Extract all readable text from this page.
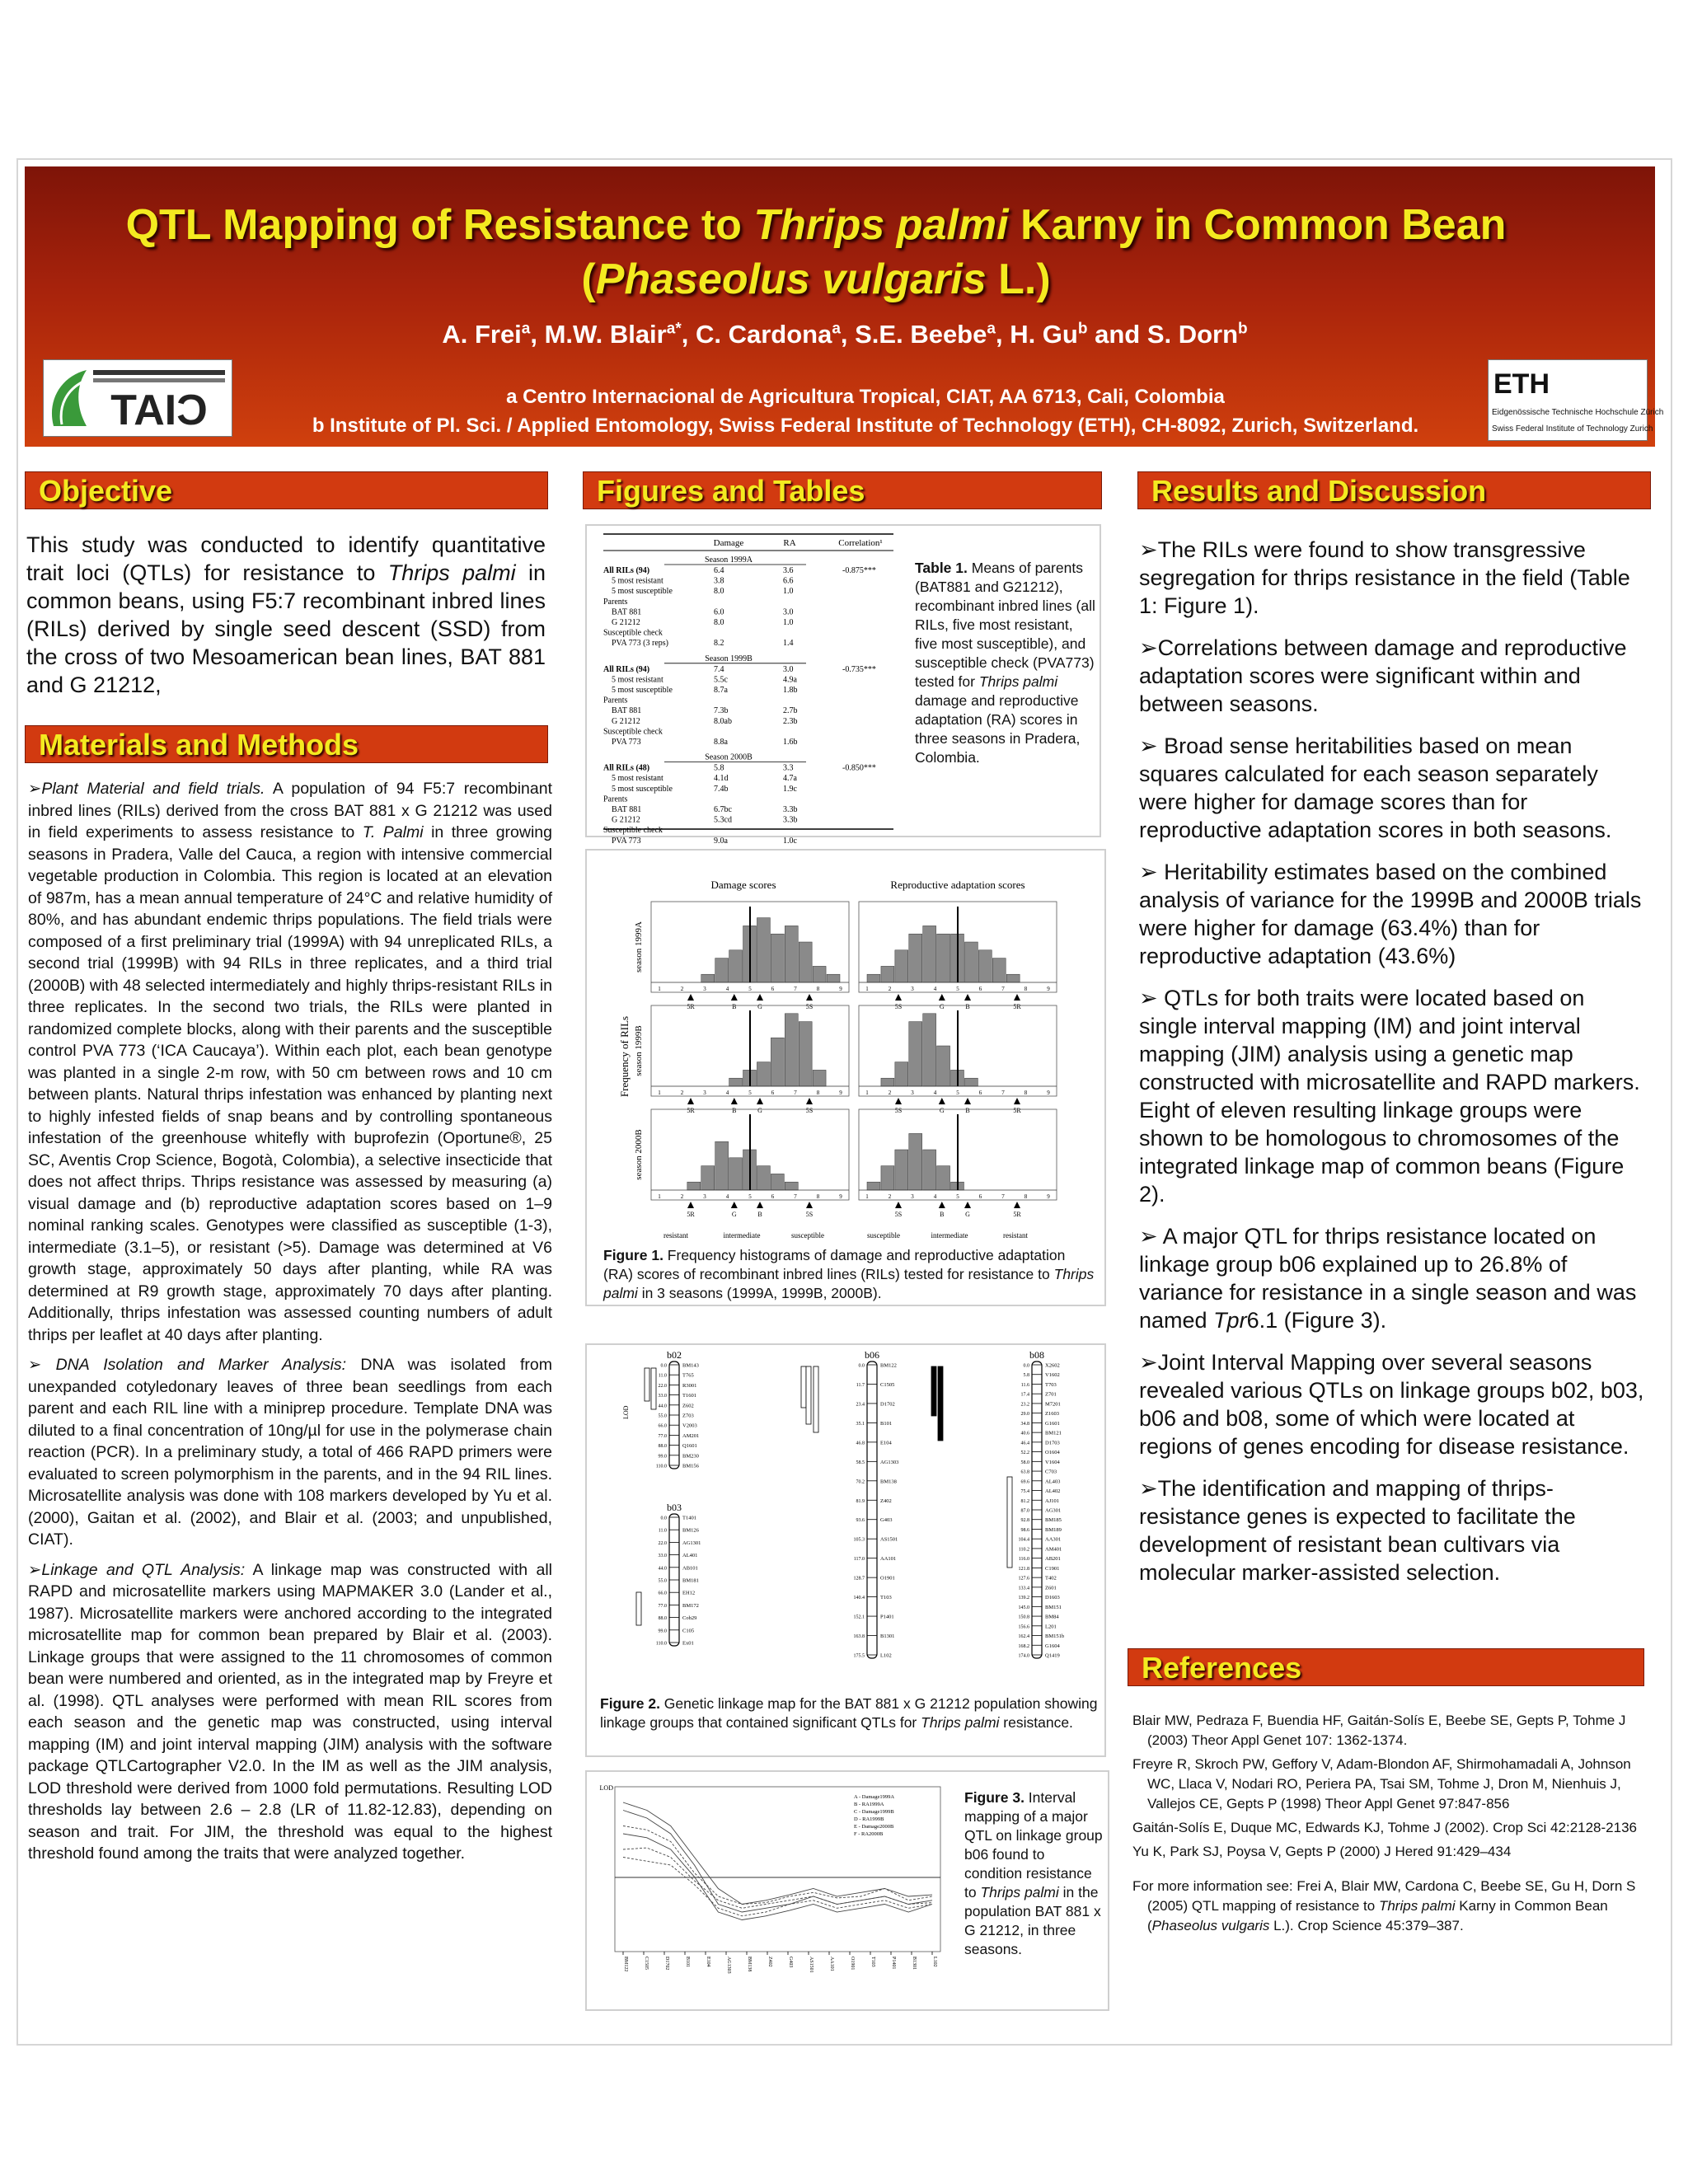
QTL Mapping of Resistance to Thrips palmi Karny in Common Bean
(Phaseolus vulgaris L.)
A. Frei$^a$, M.W. Blair$^{a*}$, C. Cardona$^a$, S.E. Beebe$^a$, H. Gu$^b$ and S. Dorn$^b$
a Centro Internacional de Agricultura Tropical, CIAT, AA 6713, Cali, Colombia
b Institute of Pl. Sci. / Applied Entomology, Swiss Federal Institute of Technology (ETH), CH-8092, Zurich, Switzerland.
CIAT
ETH
Eidgenössische Technische Hochschule Zürich
Swiss Federal Institute of Technology Zurich
Objective	Figures and Tables	Results and Discussion
Materials and Methods
References
This study was conducted to identify quantitative trait loci (QTLs) for resistance to Thrips palmi in common beans, using F5:7 recombinant inbred lines (RILs) derived by single seed descent (SSD) from the cross of two Mesoamerican bean lines, BAT 881 and G 21212,

➢Plant Material and field trials. A population of 94 F5:7 recombinant inbred lines (RILs) derived from the cross BAT 881 x G 21212 was used in field experiments to assess resistance to T. Palmi in three growing seasons in Pradera, Valle del Cauca, a region with intensive commercial vegetable production in Colombia. This region is located at an elevation of 987m, has a mean annual temperature of 24°C and relative humidity of 80%, and has abundant endemic thrips populations. The field trials were composed of a first preliminary trial (1999A) with 94 unreplicated RILs, a second trial (1999B) with 94 RILs in three replicates, and a third trial (2000B) with 48 selected intermediately and highly thrips-resistant RILs in three replicates. In the second two trials, the RILs were planted in randomized complete blocks, along with their parents and the susceptible control PVA 773 (‘ICA Caucaya’). Within each plot, each bean genotype was planted in a single 2-m row, with 50 cm between rows and 10 cm between plants. Natural thrips infestation was enhanced by planting next to highly infested fields of snap beans and by controlling spontaneous infestation of the greenhouse whitefly with buprofezin (Oportune®, 25 SC, Aventis Crop Science, Bogotà, Colombia), a selective insecticide that does not affect thrips. Thrips resistance was assessed by measuring (a) visual damage and (b) reproductive adaptation scores based on 1–9 nominal ranking scales. Genotypes were classified as susceptible (1-3), intermediate (3.1–5), or resistant (>5). Damage was determined at V6 growth stage, approximately 50 days after planting, while RA was determined at R9 growth stage, approximately 70 days after planting. Additionally, thrips infestation was assessed counting numbers of adult thrips per leaflet at 40 days after planting.

➢ DNA Isolation and Marker Analysis: DNA was isolated from unexpanded cotyledonary leaves of three bean seedlings from each parent and each RIL line with a miniprep procedure. Template DNA was diluted to a final concentration of 10ng/µl for use in the polymerase chain reaction (PCR). In a preliminary study, a total of 466 RAPD primers were evaluated to screen polymorphism in the parents, and in the 94 RIL lines. Microsatellite analysis was done with 108 markers developed by Yu et al. (2000), Gaitan et al. (2002), and Blair et al. (2003; and unpublished, CIAT).

➢Linkage and QTL Analysis: A linkage map was constructed with all RAPD and microsatellite markers using MAPMAKER 3.0 (Lander et al., 1987). Microsatellite markers were anchored according to the integrated microsatellite map for common bean prepared by Blair et al. (2003). Linkage groups that were assigned to the 11 chromosomes of common bean were numbered and oriented, as in the integrated map by Freyre et al. (1998). QTL analyses were performed with mean RIL scores from each season and the genetic map was constructed, using interval mapping (IM) and joint interval mapping (JIM) analysis with the software package QTLCartographer V2.0. In the IM as well as the JIM analysis, LOD threshold were derived from 1000 fold permutations. Resulting LOD thresholds lay between 2.6 – 2.8 (LR of 11.82-12.83), depending on season and trait. For JIM, the threshold was equal to the highest threshold found among the traits that were analyzed together.

Damage	RA	Correlation¹
Season 1999A
All RILs (94)	6.4	3.6	-0.875***
5 most resistant	3.8	6.6
5 most susceptible	8.0	1.0
Parents
BAT 881	6.0	3.0
G 21212	8.0	1.0
Susceptible check
PVA 773 (3 reps)	8.2	1.4
Season 1999B
All RILs (94)	7.4	3.0	-0.735***
5 most resistant	5.5c	4.9a
5 most susceptible	8.7a	1.8b
Parents
BAT 881	7.3b	2.7b
G 21212	8.0ab	2.3b
Susceptible check
PVA 773	8.8a	1.6b
Season 2000B
All RILs (48)	5.8	3.3	-0.850***
5 most resistant	4.1d	4.7a
5 most susceptible	7.4b	1.9c
Parents
BAT 881	6.7bc	3.3b
G 21212	5.3cd	3.3b
Susceptible check
PVA 773	9.0a	1.0c
Table 1. Means of parents (BAT881 and G21212), recombinant inbred lines (all RILs, five most resistant, five most susceptible), and susceptible check (PVA773) tested for Thrips palmi damage and reproductive adaptation (RA) scores in three seasons in Pradera, Colombia.
Damage scores	Reproductive adaptation scores
Frequency of RILs
1	2	3	4	5	6	7	8	9
5R	B	G	5S
season 1999A
1	2	3	4	5	6	7	8	9
5S	G	B	5R
1	2	3	4	5	6	7	8	9
5R	B	G	5S
season 1999B
1	2	3	4	5	6	7	8	9
5S	G	B	5R
1	2	3	4	5	6	7	8	9
5R	G	B	5S
season 2000B
1	2	3	4	5	6	7	8	9
5S	B	G	5R
resistant	intermediate	susceptible	susceptible	intermediate	resistant
Figure 1. Frequency histograms of damage and reproductive adaptation (RA) scores of recombinant inbred lines (RILs) tested for resistance to Thrips palmi in 3 seasons (1999A, 1999B, 2000B).
b02
BM143
0.0
T765
11.0
R3001
22.0
T1601
33.0
Z602
44.0
Z703
55.0
V2003
66.0
AM201
77.0
Q1601
88.0
BM230
99.0
BM156
110.0
b03
T1401
0.0
BM126
11.0
AG1301
22.0
AL401
33.0
AB101
44.0
BM181
55.0
EH12
66.0
BM172
77.0
Cob29
88.0
C105
99.0
Ex01
110.0
b06
BM122
0.0
C1505
11.7
D1702
23.4
B101
35.1
E104
46.8
AG1303
58.5
BM138
70.2
Z402
81.9
G403
93.6
AS1501
105.3
AA101
117.0
O1901
128.7
T103
140.4
P1401
152.1
B1301
163.8
L102
175.5
b08
X2602
0.0
V1602
5.8
T703
11.6
Z701
17.4
M7201
23.2
Z1603
29.0
G1601
34.8
BM121
40.6
D1703
46.4
O1604
52.2
V1604
58.0
C703
63.8
AL403
69.6
AL402
75.4
AJ101
81.2
AG301
87.0
BM185
92.8
BM189
98.6
AA301
104.4
AM401
110.2
AB201
116.0
C1901
121.8
T402
127.6
Z601
133.4
D1603
139.2
BM151
145.0
BM84
150.8
L201
156.6
BM151b
162.4
G1604
168.2
Q1419
174.0
LOD
Figure 2. Genetic linkage map for the BAT 881 x G 21212 population showing linkage groups that contained significant QTLs for Thrips palmi resistance.
LOD
A - Damage1999A
B - RA1999A
C - Damage1999B
D - RA1999B
E - Damage2000B
F - RA2000B
BM122	C1505	D1702	B101	E104	AG1303	BM138	Z402	G403	AS1501	AA101	O1901	T103	P1401	B1301	L102
Figure 3. Interval mapping of a major QTL on linkage group b06 found to condition resistance to Thrips palmi in the population BAT 881 x G 21212, in three seasons.

➢The RILs were found to show transgressive segregation for thrips resistance in the field (Table 1: Figure 1).

➢Correlations between damage and reproductive adaptation scores were significant within and between seasons.

➢ Broad sense heritabilities based on mean squares calculated for each season separately were higher for damage scores than for reproductive adaptation scores in both seasons.

➢ Heritability estimates based on the combined analysis of variance for the 1999B and 2000B trials were higher for damage (63.4%) than for reproductive adaptation (43.6%)

➢ QTLs for both traits were located based on single interval mapping (IM) and joint interval mapping (JIM) analysis using a genetic map constructed with microsatellite and RAPD markers. Eight of eleven resulting linkage groups were shown to be homologous to chromosomes of the integrated linkage map of common beans (Figure 2).

➢ A major QTL for thrips resistance located on linkage group b06 explained up to 26.8% of variance for resistance in a single season and was named Tpr6.1 (Figure 3).

➢Joint Interval Mapping over several seasons revealed various QTLs on linkage groups b02, b03, b06 and b08, some of which were located at regions of genes encoding for disease resistance.

➢The identification and mapping of thrips-resistance genes is expected to facilitate the development of resistant bean cultivars via molecular marker-assisted selection.

Blair MW, Pedraza F, Buendia HF, Gaitán-Solís E, Beebe SE, Gepts P, Tohme J (2003) Theor Appl Genet 107: 1362-1374.

Freyre R, Skroch PW, Geffory V, Adam-Blondon AF, Shirmohamadali A, Johnson WC, Llaca V, Nodari RO, Periera PA, Tsai SM, Tohme J, Dron M, Nienhuis J, Vallejos CE, Gepts P (1998) Theor Appl Genet 97:847-856

Gaitán-Solís E, Duque MC, Edwards KJ, Tohme J (2002). Crop Sci 42:2128-2136

Yu K, Park SJ, Poysa V, Gepts P (2000) J Hered 91:429–434

For more information see: Frei A, Blair MW, Cardona C, Beebe SE, Gu H, Dorn S (2005) QTL mapping of resistance to Thrips palmi Karny in Common Bean (Phaseolus vulgaris L.). Crop Science 45:379–387.
